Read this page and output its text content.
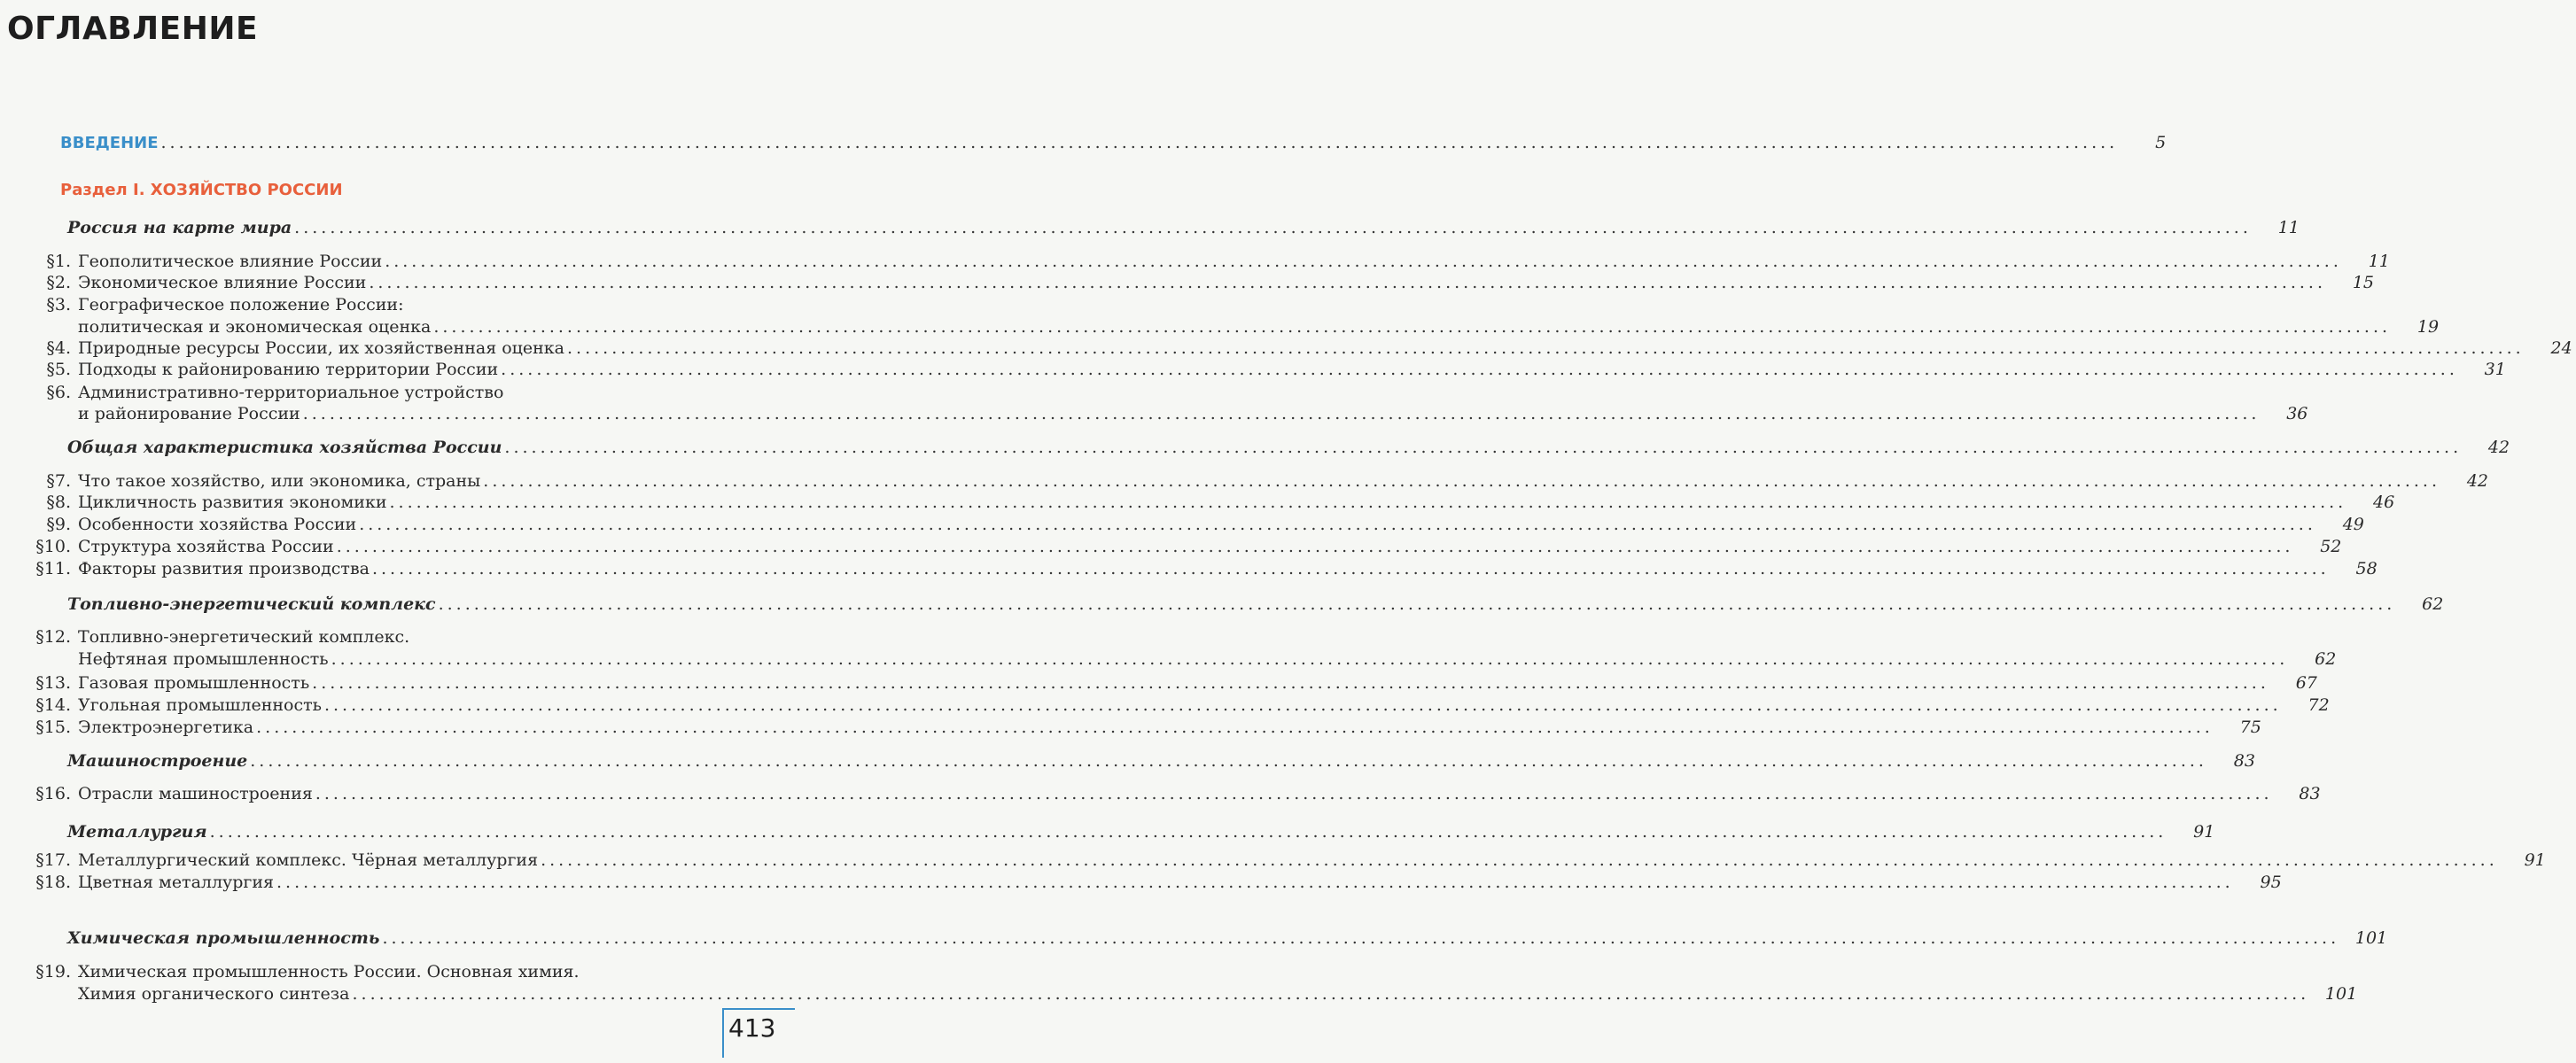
ОГЛАВЛЕНИЕ
ВВЕДЕНИЕ ............................................................................................................................................................................................................................	5
Раздел I. ХОЗЯЙСТВО РОССИИ
Россия на карте мира ............................................................................................................................................................................................................................	11
§1. Геополитическое влияние России ............................................................................................................................................................................................................................	11
§2. Экономическое влияние России ............................................................................................................................................................................................................................	15
§3. Географическое положение России:
политическая и экономическая оценка ............................................................................................................................................................................................................................	19
§4. Природные ресурсы России, их хозяйственная оценка ............................................................................................................................................................................................................................	24
§5. Подходы к районированию территории России ............................................................................................................................................................................................................................	31
§6. Административно-территориальное устройство
и районирование России ............................................................................................................................................................................................................................	36
Общая характеристика хозяйства России ............................................................................................................................................................................................................................	42
§7. Что такое хозяйство, или экономика, страны ............................................................................................................................................................................................................................	42
§8. Цикличность развития экономики ............................................................................................................................................................................................................................	46
§9. Особенности хозяйства России ............................................................................................................................................................................................................................	49
§10. Структура хозяйства России ............................................................................................................................................................................................................................	52
§11. Факторы развития производства ............................................................................................................................................................................................................................	58
Топливно-энергетический комплекс ............................................................................................................................................................................................................................	62
§12. Топливно-энергетический комплекс.
Нефтяная промышленность ............................................................................................................................................................................................................................	62
§13. Газовая промышленность ............................................................................................................................................................................................................................	67
§14. Угольная промышленность ............................................................................................................................................................................................................................	72
§15. Электроэнергетика ............................................................................................................................................................................................................................	75
Машиностроение ............................................................................................................................................................................................................................	83
§16. Отрасли машиностроения ............................................................................................................................................................................................................................	83
Металлургия ............................................................................................................................................................................................................................	91
§17. Металлургический комплекс. Чёрная металлургия ............................................................................................................................................................................................................................	91
§18. Цветная металлургия ............................................................................................................................................................................................................................	95
Химическая промышленность ............................................................................................................................................................................................................................ 101
§19. Химическая промышленность России. Основная химия.
Химия органического синтеза ............................................................................................................................................................................................................................ 101
413
